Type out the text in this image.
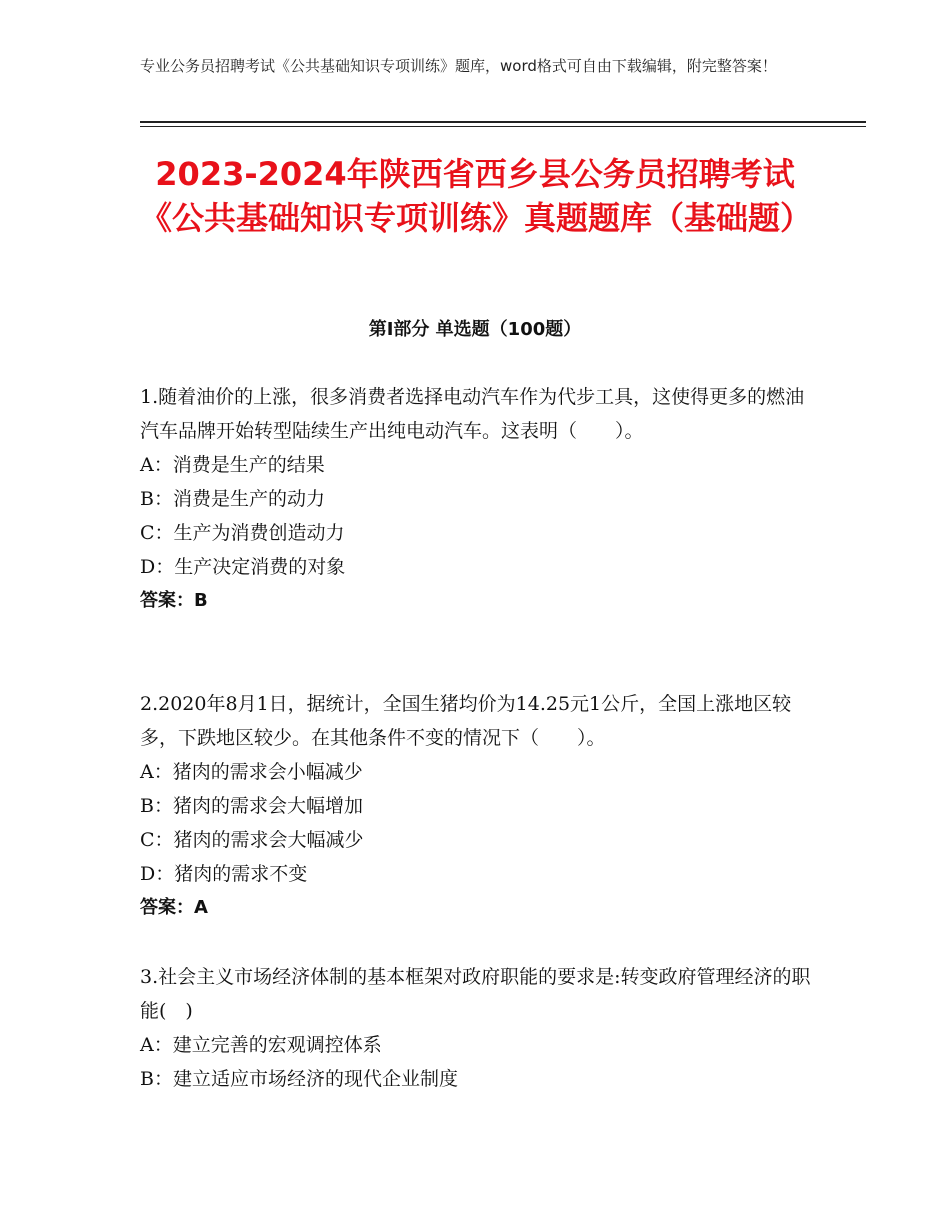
专业公务员招聘考试《公共基础知识专项训练》题库，word格式可自由下载编辑，附完整答案！
2023-2024年陕西省西乡县公务员招聘考试《公共基础知识专项训练》真题题库（基础题）
第I部分 单选题（100题）

1.随着油价的上涨，很多消费者选择电动汽车作为代步工具，这使得更多的燃油汽车品牌开始转型陆续生产出纯电动汽车。这表明（　　）。

A：消费是生产的结果

B：消费是生产的动力

C：生产为消费创造动力

D：生产决定消费的对象

答案：B

2.2020年8月1日，据统计，全国生猪均价为14.25元1公斤，全国上涨地区较多，下跌地区较少。在其他条件不变的情况下（　　）。

A：猪肉的需求会小幅减少

B：猪肉的需求会大幅增加

C：猪肉的需求会大幅减少

D：猪肉的需求不变

答案：A

3.社会主义市场经济体制的基本框架对政府职能的要求是:转变政府管理经济的职能(　)

A：建立完善的宏观调控体系

B：建立适应市场经济的现代企业制度
